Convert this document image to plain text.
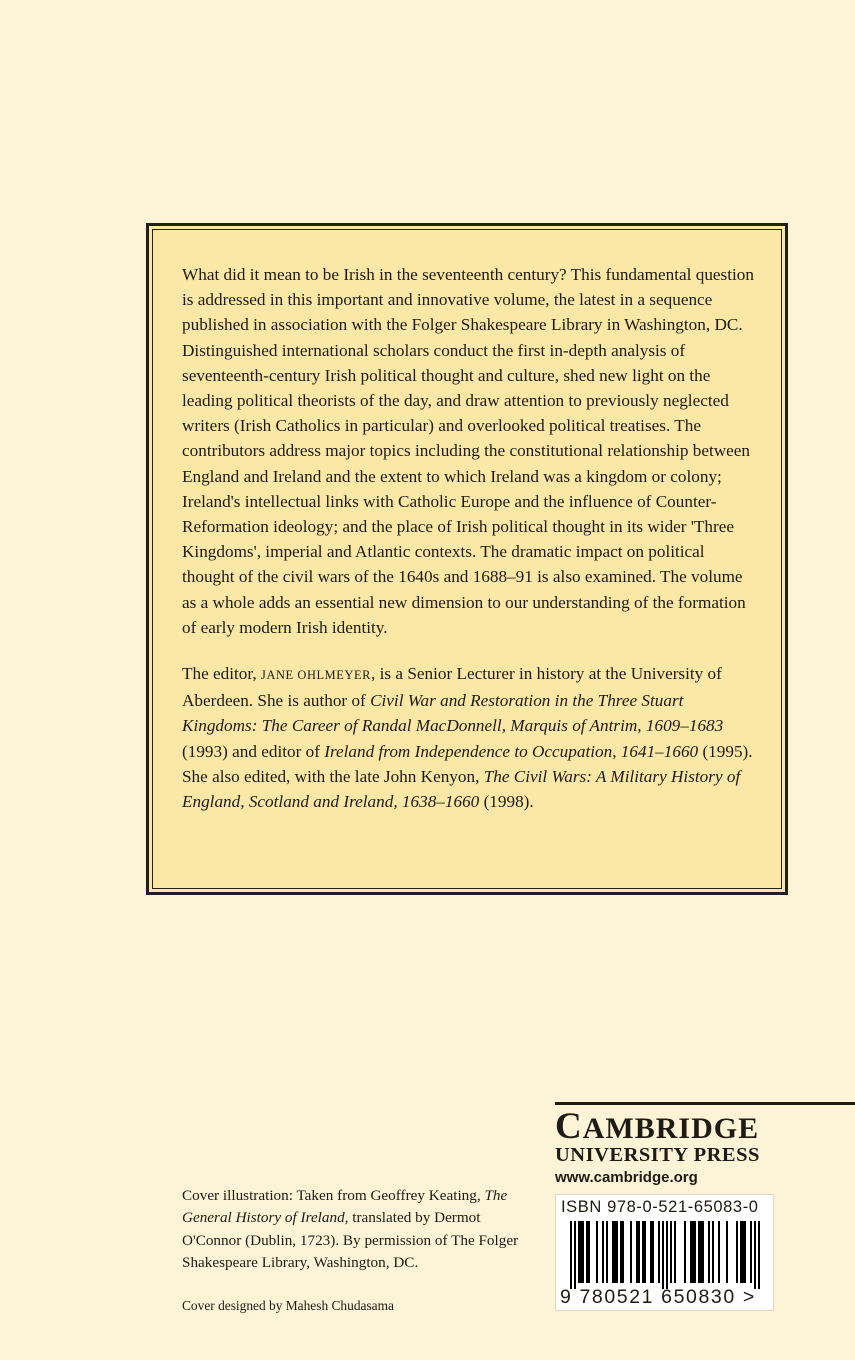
What did it mean to be Irish in the seventeenth century? This fundamental question is addressed in this important and innovative volume, the latest in a sequence published in association with the Folger Shakespeare Library in Washington, DC. Distinguished international scholars conduct the first in-depth analysis of seventeenth-century Irish political thought and culture, shed new light on the leading political theorists of the day, and draw attention to previously neglected writers (Irish Catholics in particular) and overlooked political treatises. The contributors address major topics including the constitutional relationship between England and Ireland and the extent to which Ireland was a kingdom or colony; Ireland's intellectual links with Catholic Europe and the influence of Counter-Reformation ideology; and the place of Irish political thought in its wider 'Three Kingdoms', imperial and Atlantic contexts. The dramatic impact on political thought of the civil wars of the 1640s and 1688–91 is also examined. The volume as a whole adds an essential new dimension to our understanding of the formation of early modern Irish identity.

The editor, JANE OHLMEYER, is a Senior Lecturer in history at the University of Aberdeen. She is author of Civil War and Restoration in the Three Stuart Kingdoms: The Career of Randal MacDonnell, Marquis of Antrim, 1609–1683 (1993) and editor of Ireland from Independence to Occupation, 1641–1660 (1995). She also edited, with the late John Kenyon, The Civil Wars: A Military History of England, Scotland and Ireland, 1638–1660 (1998).

Cover illustration: Taken from Geoffrey Keating, The General History of Ireland, translated by Dermot O'Connor (Dublin, 1723). By permission of The Folger Shakespeare Library, Washington, DC.

Cover designed by Mahesh Chudasama

CAMBRIDGE

UNIVERSITY PRESS

www.cambridge.org

ISBN 978-0-521-65083-0

9 780521 650830 >
